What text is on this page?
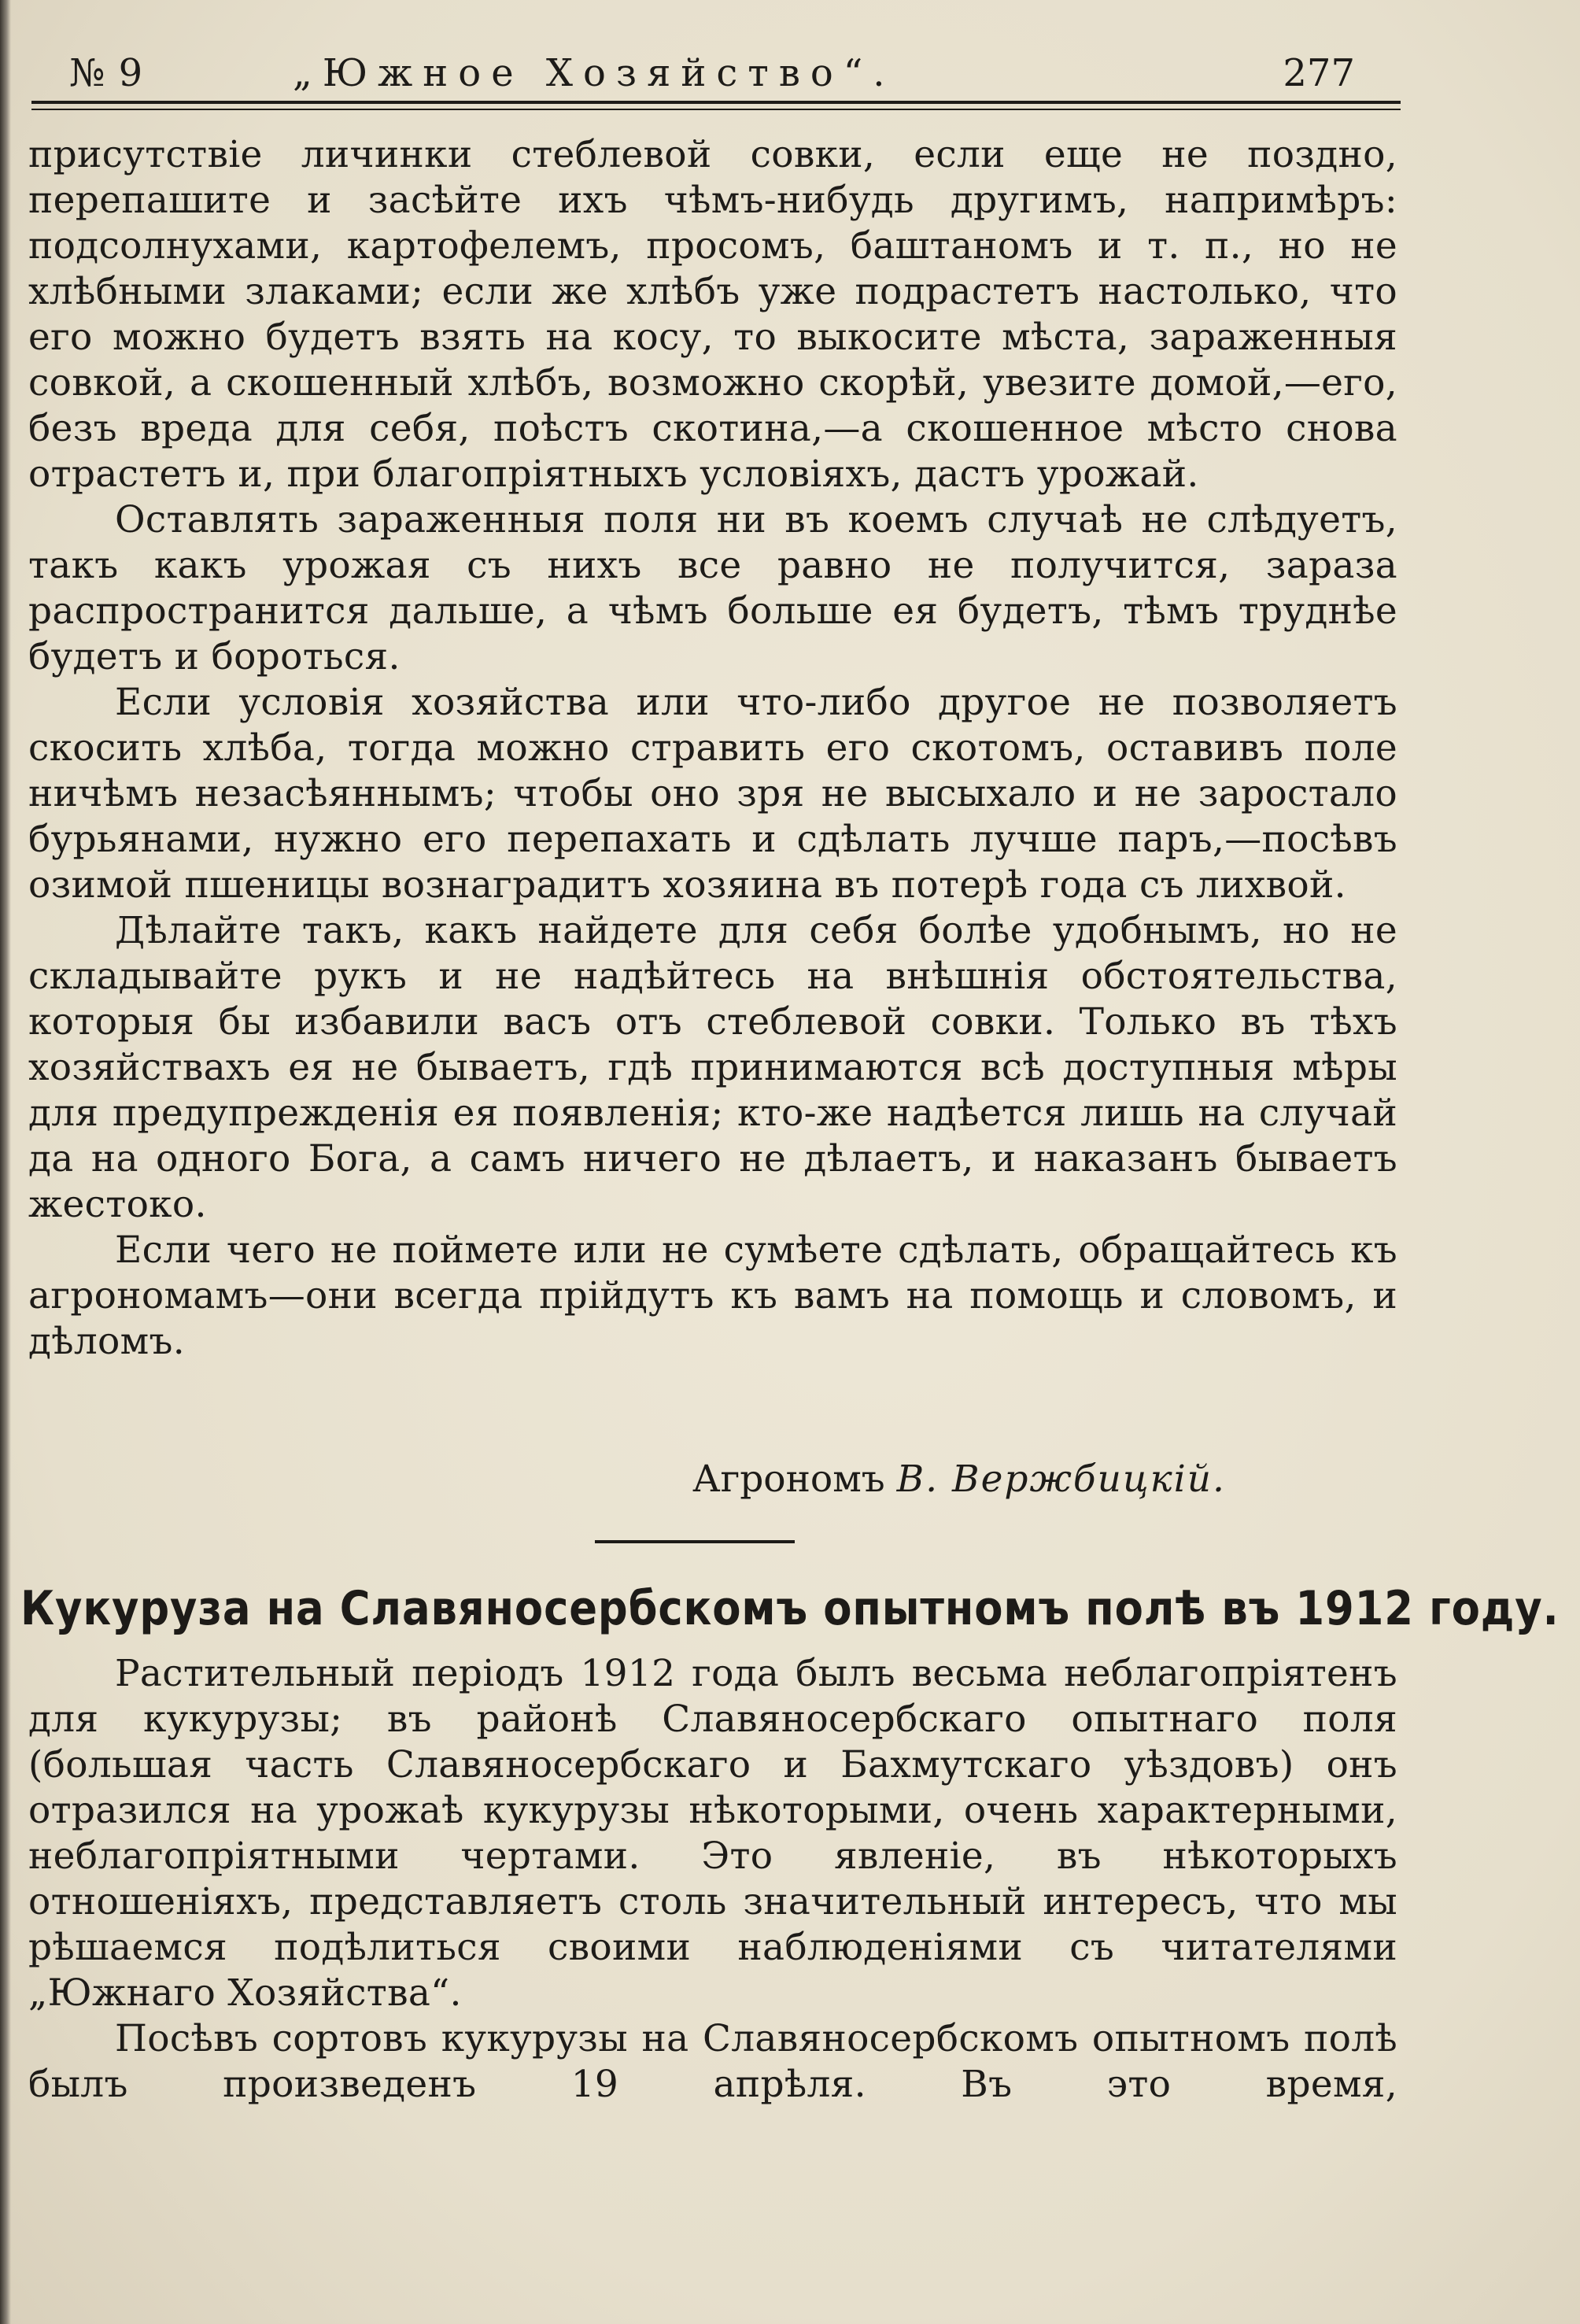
№ 9	„Южное Хозяйство“.	277

присутствіе личинки стеблевой совки, если еще не поздно, перепашите и засѣйте ихъ чѣмъ-нибудь другимъ, напримѣръ: подсолнухами, картофелемъ, просомъ, баштаномъ и т. п., но не хлѣбными злаками; если же хлѣбъ уже подрастетъ настолько, что его можно будетъ взять на косу, то выкосите мѣста, зараженныя совкой, а скошенный хлѣбъ, возможно скорѣй, увезите домой,—его, безъ вреда для себя, поѣстъ скотина,—а скошенное мѣсто снова отрастетъ и, при благопріятныхъ условіяхъ, дастъ урожай.

Оставлять зараженныя поля ни въ коемъ случаѣ не слѣдуетъ, такъ какъ урожая съ нихъ все равно не получится, зараза распространится дальше, а чѣмъ больше ея будетъ, тѣмъ труднѣе будетъ и бороться.

Если условія хозяйства или что-либо другое не позволяетъ скосить хлѣба, тогда можно стравить его скотомъ, оставивъ поле ничѣмъ незасѣяннымъ; чтобы оно зря не высыхало и не заростало бурьянами, нужно его перепахать и сдѣлать лучше паръ,—посѣвъ озимой пшеницы вознаградитъ хозяина въ потерѣ года съ лихвой.

Дѣлайте такъ, какъ найдете для себя болѣе удобнымъ, но не складывайте рукъ и не надѣйтесь на внѣшнія обстоятельства, которыя бы избавили васъ отъ стеблевой совки. Только въ тѣхъ хозяйствахъ ея не бываетъ, гдѣ принимаются всѣ доступныя мѣры для предупрежденія ея появленія; кто-же надѣется лишь на случай да на одного Бога, а самъ ничего не дѣлаетъ, и наказанъ бываетъ жестоко.

Если чего не поймете или не сумѣете сдѣлать, обращайтесь къ агрономамъ—они всегда прійдутъ къ вамъ на помощь и словомъ, и дѣломъ.

Агрономъ В. Вержбицкій.
Кукуруза на Славяносербскомъ опытномъ полѣ въ 1912 году.

Растительный періодъ 1912 года былъ весьма неблагопріятенъ для кукурузы; въ районѣ Славяносербскаго опытнаго поля (большая часть Славяносербскаго и Бахмутскаго уѣздовъ) онъ отразился на урожаѣ кукурузы нѣкоторыми, очень характерными, неблагопріятными чертами. Это явленіе, въ нѣкоторыхъ отношеніяхъ, представляетъ столь значительный интересъ, что мы рѣшаемся подѣлиться своими наблюденіями съ читателями „Южнаго Хозяйства“.

Посѣвъ сортовъ кукурузы на Славяносербскомъ опытномъ полѣ былъ произведенъ 19 апрѣля. Въ это время,
